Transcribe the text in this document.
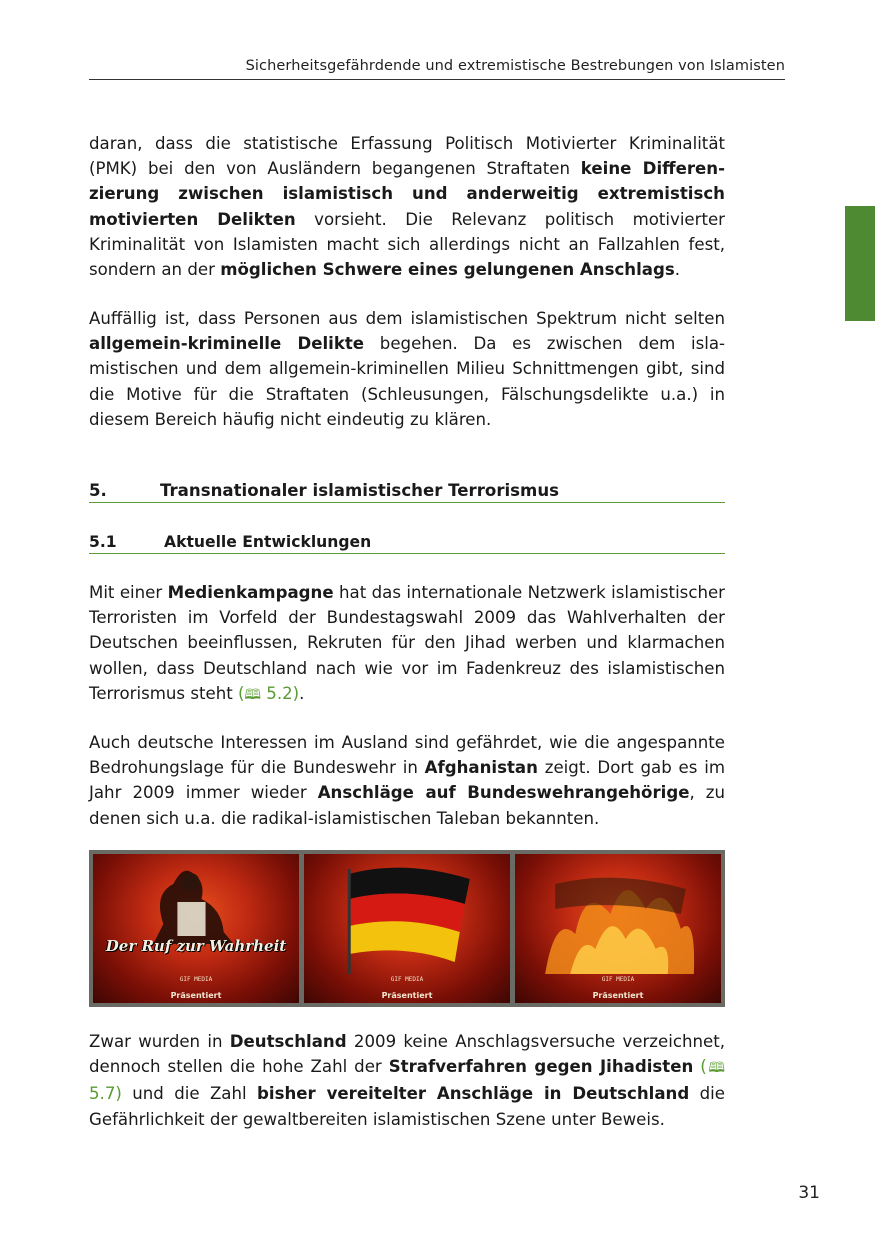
Sicherheitsgefährdende und extremistische Bestrebungen von Islamisten

daran, dass die statistische Erfassung Politisch Motivierter Kriminalität (PMK) bei den von Ausländern begangenen Straftaten keine Differenzierung zwischen islamistisch und anderweitig extremistisch motivierten Delikten vorsieht. Die Relevanz politisch motivierter Kriminalität von Islamisten macht sich allerdings nicht an Fallzahlen fest, sondern an der möglichen Schwere eines gelungenen Anschlags.

Auffällig ist, dass Personen aus dem islamistischen Spektrum nicht selten allgemein-kriminelle Delikte begehen. Da es zwischen dem islamistischen und dem allgemein-kriminellen Milieu Schnittmengen gibt, sind die Motive für die Straftaten (Schleusungen, Fälschungsdelikte u.a.) in diesem Bereich häufig nicht eindeutig zu klären.

5.	Transnationaler islamistischer Terrorismus
5.1	Aktuelle Entwicklungen

Mit einer Medienkampagne hat das internationale Netzwerk islamistischer Terroristen im Vorfeld der Bundestagswahl 2009 das Wahlverhalten der Deutschen beeinflussen, Rekruten für den Jihad werben und klarmachen wollen, dass Deutschland nach wie vor im Fadenkreuz des islamistischen Terrorismus steht (🕮 5.2).

Auch deutsche Interessen im Ausland sind gefährdet, wie die angespannte Bedrohungslage für die Bundeswehr in Afghanistan zeigt. Dort gab es im Jahr 2009 immer wieder Anschläge auf Bundeswehrangehörige, zu denen sich u.a. die radikal-islamistischen Taleban bekannten.

Der Ruf zur Wahrheit
GIF MEDIA
Präsentiert
GIF MEDIA
Präsentiert
GIF MEDIA
Präsentiert

Zwar wurden in Deutschland 2009 keine Anschlagsversuche verzeichnet, dennoch stellen die hohe Zahl der Strafverfahren gegen Jihadisten (🕮 5.7) und die Zahl bisher vereitelter Anschläge in Deutschland die Gefährlichkeit der gewaltbereiten islamistischen Szene unter Beweis.

31
